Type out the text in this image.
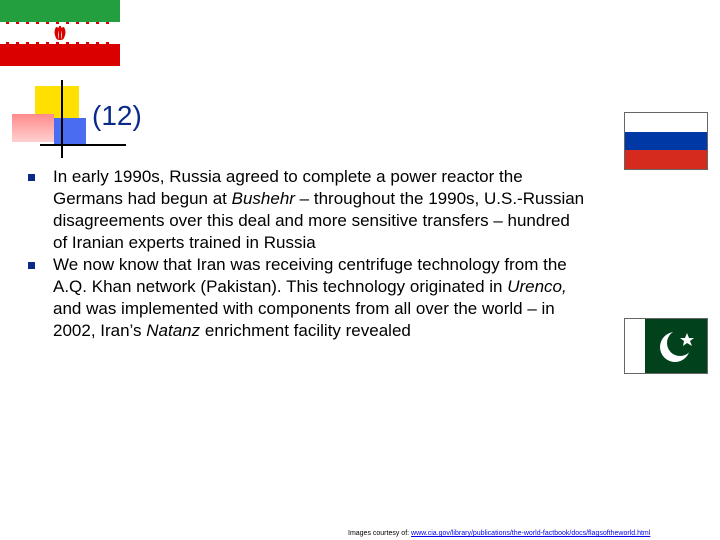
(12)
In early 1990s, Russia agreed to complete a power reactor the Germans had begun at Bushehr – throughout the 1990s, U.S.-Russian disagreements over this deal and more sensitive transfers – hundred of Iranian experts trained in Russia
We now know that Iran was receiving centrifuge technology from the A.Q. Khan network (Pakistan). This technology originated in Urenco, and was implemented with components from all over the world – in 2002, Iran’s Natanz enrichment facility revealed
Images courtesy of: www.cia.gov/library/publications/the-world-factbook/docs/flagsoftheworld.html
